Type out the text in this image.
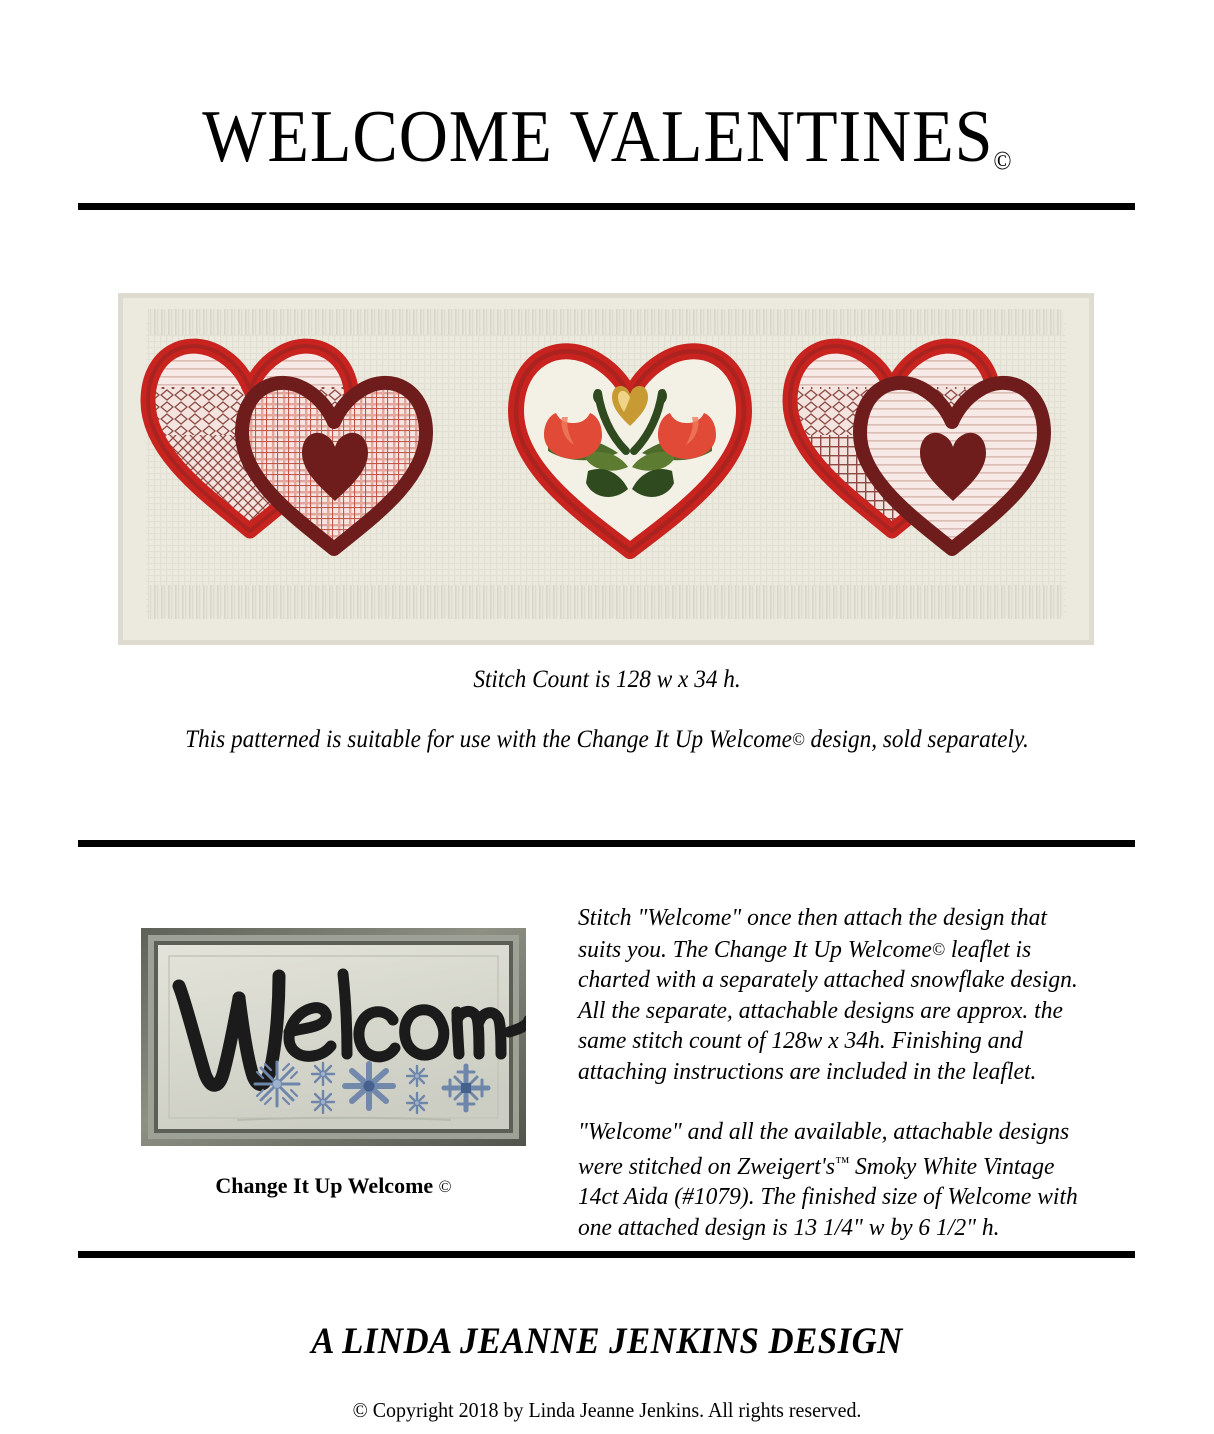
WELCOME VALENTINES©
Stitch Count is 128 w x 34 h.
This patterned is suitable for use with the Change It Up Welcome© design, sold separately.
Change It Up Welcome ©

Stitch "Welcome" once then attach the design that suits you. The Change It Up Welcome© leaflet is charted with a separately attached snowflake design. All the separate, attachable designs are approx. the same stitch count of 128w x 34h. Finishing and attaching instructions are included in the leaflet.

"Welcome" and all the available, attachable designs were stitched on Zweigert's™ Smoky White Vintage 14ct Aida (#1079). The finished size of Welcome with one attached design is 13 1/4" w by 6 1/2" h.

A LINDA JEANNE JENKINS DESIGN
© Copyright 2018 by Linda Jeanne Jenkins. All rights reserved.
